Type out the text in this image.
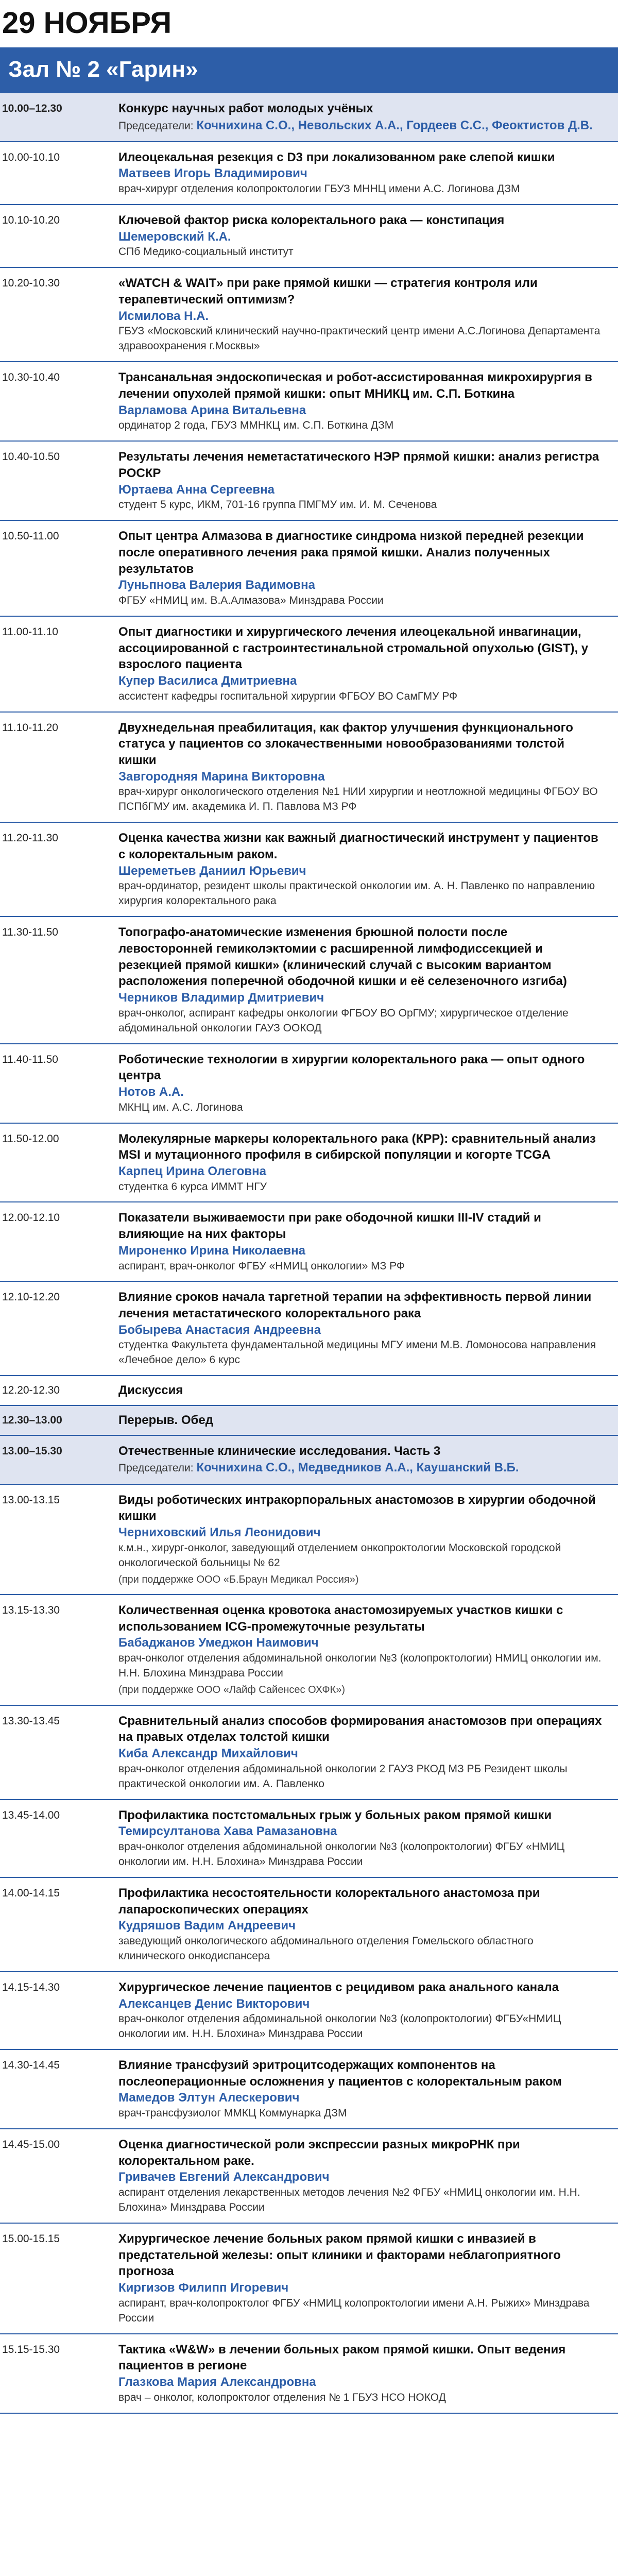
29 НОЯБРЯ
Зал № 2 «Гарин»
10.00–12.30	Конкурс научных работ молодых учёных
Председатели: Кочнихина С.О., Невольских А.А., Гордеев С.С., Феоктистов Д.В.
10.00-10.10	Илеоцекальная резекция с D3 при локализованном раке слепой кишки
Матвеев Игорь Владимирович
врач-хирург отделения колопроктологии ГБУЗ МННЦ имени А.С. Логинова ДЗМ
10.10-10.20	Ключевой фактор риска колоректального рака — констипация
Шемеровский К.А.
СПб Медико-социальный институт
10.20-10.30	«WATCH & WAIT» при раке прямой кишки — стратегия контроля или терапевтический оптимизм?
Исмилова Н.А.
ГБУЗ «Московский клинический научно-практический центр имени А.С.Логинова Департамента здравоохранения г.Москвы»
10.30-10.40	Трансанальная эндоскопическая и робот-ассистированная микрохирургия в лечении опухолей прямой кишки: опыт МНИКЦ им. С.П. Боткина
Варламова Арина Витальевна
ординатор 2 года, ГБУЗ ММНКЦ им. С.П. Боткина ДЗМ
10.40-10.50	Результаты лечения неметастатического НЭР прямой кишки: анализ регистра РОСКР
Юртаева Анна Сергеевна
студент 5 курс, ИКМ, 701-16 группа ПМГМУ им. И. М. Сеченова
10.50-11.00	Опыт центра Алмазова в диагностике синдрома низкой передней резекции после оперативного лечения рака прямой кишки. Анализ полученных результатов
Луньпнова Валерия Вадимовна
ФГБУ «НМИЦ им. В.А.Алмазова» Минздрава России
11.00-11.10	Опыт диагностики и хирургического лечения илеоцекальной инвагинации, ассоциированной с гастроинтестинальной стромальной опухолью (GIST), у взрослого пациента
Купер Василиса Дмитриевна
ассистент кафедры госпитальной хирургии ФГБОУ ВО СамГМУ РФ
11.10-11.20	Двухнедельная преабилитация, как фактор улучшения функционального статуса у пациентов со злокачественными новообразованиями толстой кишки
Завгородняя Марина Викторовна
врач-хирург онкологического отделения №1 НИИ хирургии и неотложной медицины ФГБОУ ВО ПСПбГМУ им. академика И. П. Павлова МЗ РФ
11.20-11.30	Оценка качества жизни как важный диагностический инструмент у пациентов с колоректальным раком.
Шереметьев Даниил Юрьевич
врач-ординатор, резидент школы практической онкологии им. А. Н. Павленко по направлению хирургия колоректального рака
11.30-11.50	Топографо-анатомические изменения брюшной полости после левосторонней гемиколэктомии с расширенной лимфодиссекцией и резекцией прямой кишки» (клинический случай с высоким вариантом расположения поперечной ободочной кишки и её селезеночного изгиба)
Черников Владимир Дмитриевич
врач-онколог, аспирант кафедры онкологии ФГБОУ ВО ОрГМУ; хирургическое отделение абдоминальной онкологии ГАУЗ ООКОД
11.40-11.50	Роботические технологии в хирургии колоректального рака — опыт одного центра
Нотов А.А.
МКНЦ им. А.С. Логинова
11.50-12.00	Молекулярные маркеры колоректального рака (КРР): сравнительный анализ MSI и мутационного профиля в сибирской популяции и когорте TCGA
Карпец Ирина Олеговна
студентка 6 курса ИММТ НГУ
12.00-12.10	Показатели выживаемости при раке ободочной кишки III-IV стадий и влияющие на них факторы
Мироненко Ирина Николаевна
аспирант, врач-онколог ФГБУ «НМИЦ онкологии» МЗ РФ
12.10-12.20	Влияние сроков начала таргетной терапии на эффективность первой линии лечения метастатического колоректального рака
Бобырева Анастасия Андреевна
студентка Факультета фундаментальной медицины МГУ имени М.В. Ломоносова направления «Лечебное дело» 6 курс
12.20-12.30	Дискуссия
12.30–13.00	Перерыв. Обед
13.00–15.30	Отечественные клинические исследования. Часть 3
Председатели: Кочнихина С.О., Медведников А.А., Каушанский В.Б.
13.00-13.15	Виды роботических интракорпоральных анастомозов в хирургии ободочной кишки
Черниховский Илья Леонидович
к.м.н., хирург-онколог, заведующий отделением онкопроктологии Московской городской онкологической больницы № 62
(при поддержке ООО «Б.Браун Медикал Россия»)
13.15-13.30	Количественная оценка кровотока анастомозируемых участков кишки с использованием ICG-промежуточные результаты
Бабаджанов Умеджон Наимович
врач-онколог отделения абдоминальной онкологии №3 (колопроктологии) НМИЦ онкологии им. Н.Н. Блохина Минздрава России
(при поддержке ООО «Лайф Сайенсес ОХФК»)
13.30-13.45	Сравнительный анализ способов формирования анастомозов при операциях на правых отделах толстой кишки
Киба Александр Михайлович
врач-онколог отделения абдоминальной онкологии 2 ГАУЗ РКОД МЗ РБ Резидент школы практической онкологии им. А. Павленко
13.45-14.00	Профилактика постстомальных грыж у больных раком прямой кишки
Темирсултанова Хава Рамазановна
врач-онколог отделения абдоминальной онкологии №3 (колопроктологии) ФГБУ «НМИЦ онкологии им. Н.Н. Блохина» Минздрава России
14.00-14.15	Профилактика несостоятельности колоректального анастомоза при лапароскопических операциях
Кудряшов Вадим Андреевич
заведующий онкологического абдоминального отделения Гомельского областного клинического онкодиспансера
14.15-14.30	Хирургическое лечение пациентов с рецидивом рака анального канала
Алексанцев Денис Викторович
врач-онколог отделения абдоминальной онкологии №3 (колопроктологии) ФГБУ«НМИЦ онкологии им. Н.Н. Блохина» Минздрава России
14.30-14.45	Влияние трансфузий эритроцитсодержащих компонентов на послеоперационные осложнения у пациентов с колоректальным раком
Мамедов Элтун Алескерович
врач-трансфузиолог ММКЦ Коммунарка ДЗМ
14.45-15.00	Оценка диагностической роли экспрессии разных микроРНК при колоректальном раке.
Гривачев Евгений Александрович
аспирант отделения лекарственных методов лечения №2 ФГБУ «НМИЦ онкологии им. Н.Н. Блохина» Минздрава России
15.00-15.15	Хирургическое лечение больных раком прямой кишки с инвазией в предстательной железы: опыт клиники и факторами неблагоприятного прогноза
Киргизов Филипп Игоревич
аспирант, врач-колопроктолог ФГБУ «НМИЦ колопроктологии имени А.Н. Рыжих» Минздрава России
15.15-15.30	Тактика «W&W» в лечении больных раком прямой кишки. Опыт ведения пациентов в регионе
Глазкова Мария Александровна
врач – онколог, колопроктолог отделения № 1 ГБУЗ НСО НОКОД
